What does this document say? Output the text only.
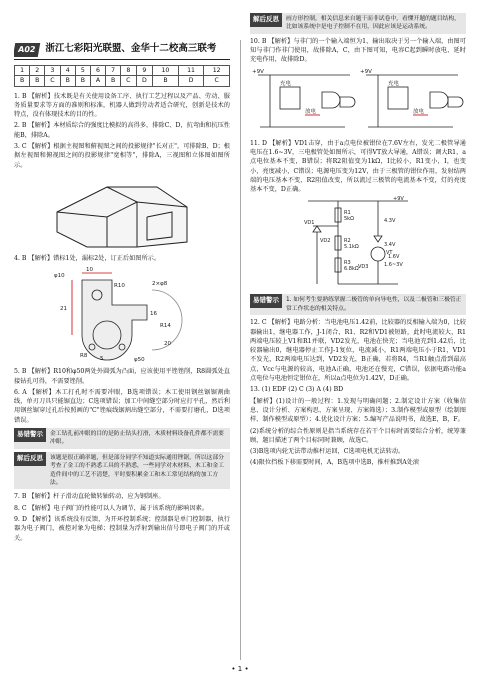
A02 浙江七彩阳光联盟、金华十二校高三联考
1	2	3	4	5	6	7	8	9	10	11	12
B	B	C	B	B	A	B	C	D	B	D	C

1. B 【解析】技术既是有关使用设备工序、执行工艺过程以及产品、劳动、服务质量要求等方面的准则和标准，机器人做到劳动者适合研究，创新是技术的特点，没有体现技术的目的性。

2. B 【解析】本材质综合的强度比模拟的高得多，排除C、D，抗弯曲和抗压性能B，排除A。

3. C 【解析】根据主视图和俯视图之间的投影规律"长对正"，可排除B、D；根据左视图和俯视图之间的投影规律"宽相等"，排除A，三视图和立体图如图所示。

4. B 【解析】错标1处，漏标2处，订正后如图所示。

φ10
21
10
R10
16
2×φ8
R14
5
R8
φ50
20

5. B 【解析】R10和φ50两处外圆弧为凸面，应该使用平锉锉削，R8圆弧处直接钻孔可得，不需要锉削。

6. A 【解析】木工打孔时不需要冲眼，B选项错误；木工使用钢丝锯锯割曲线，单刃刀具只能锯直边；C选项错误；加工中间缝空部分时应打平孔，然后利用钢丝锯穿过孔后按照画的"C"锉痕线锯割出缝空部分，不需要打磨孔，D选项错误。

易错警示	金工钻孔前冲眼的目的是防止钻头打滑，木质材料设备孔件都不需要冲眼。
解后反思	该题是很正确率题，但是部分同学不知道实际通用锉锯，所以这部分考查了金工的不熟悉工具的不熟悉，一些同学对木材料、木工和金工造件间中的工艺不清楚，平时要积累金工和木工常见结构的加工方法。

7. B 【解析】杆子滑动直轮做转轴转动，应为钢制座。

8. C 【解析】电子阀门的性能可以人为调节，属于该系统的影响因素。

9. D 【解析】该系统没有反馈，为开环控制系统；控制器是单门控制器，执行器为电子阀门，被控对象为电梯；控制量为浮射到输出信号即电子阀门的开或关。

解后反思	画方形控制，相关信息来自题干而非试卷中，看懂开题的题目结构，比如该系统中是电子控制不在用，因此应该是运动系统。

10. B 【解析】与非门的一个输入端恒为1，输出取决于另一个输入端，由图可知与非门作非门使用，故排除A，C，由下图可知，电容C起到瞬时放电、延时充电作用，故排除D。

+9V
充电
放电
+9V
充电
放电

11. D 【解析】VD1击穿，由于a点电位被钳位在7.6V左右，发光二极管导通电压在1.6~3V，三电极管处如图所示，可得VT放大导通，A错误；调大R1，a点电位基本不变，B错误；将R2阻值变为1kΩ，I比较小，R1变小，I，也变小，亮度减小，C错误；电源电压变为12V，由于三极管的钳位作用，发射结两端的电压基本不变，R2阻值改变，所以流过三极管的电流基本不变，灯的亮度基本不变，D正确。

+9V
R1
5kΩ
VD1	4.3V
R2
5.1kΩ	3.4V
VD2
1.6V
VT
VD3	1.6~3V
R3
6.8kΩ
易错警示	1. 如何考生要熟练掌握二极管的单向导电性，以及二极管和三极管正常工作状态的相关特点。

12. C 【解析】电路分析：当电池电压1.42前，比较器的反相输入端为0，比较器输出1，继电器工作，J-1闭合，R1、R2和VD1被短路，此时电流较大，R1两端电压较上V1和R1并联，VD2发光，电池在快充；当电池充到1.42后，比较器输出0，继电器停止工作J-1复位，电流减小，R1两端电压小于R1，VD1不发光，R2两端电压达到，VD2发光，B正确，若将R4，当R1触点滑到最高点，Vcc与电源的较高，电池A正确，电池还在慢充，C错误，依据电路功能a点电位与电池恒定钳位在，所以a点电位为1.42V，D正确。

13. (1) EDF (2) C (3) A (4) BD

【解析】(1)设计的一般过程：1.发现与明确问题；2.制定设计方案（收集信息、设计分析、方案构思、方案呈现、方案筛选）；3.制作模型或原型（绘制图样、制作模型或原型）；4.优化设计方案；5.编写产品说明书，故选E，B，F。

(2)系统分析的综合性原则是指当系统存在若干个目标时需要综合分析，统筹兼顾，题目描述了两个目标同时兼顾，故选C。

(3)B选项内轮无法带动推杆运回，C选项电机无法转动。

(4)限位挡板下移需要时间，A，B选项中选B，推杆推到A处滚

• 1 •
